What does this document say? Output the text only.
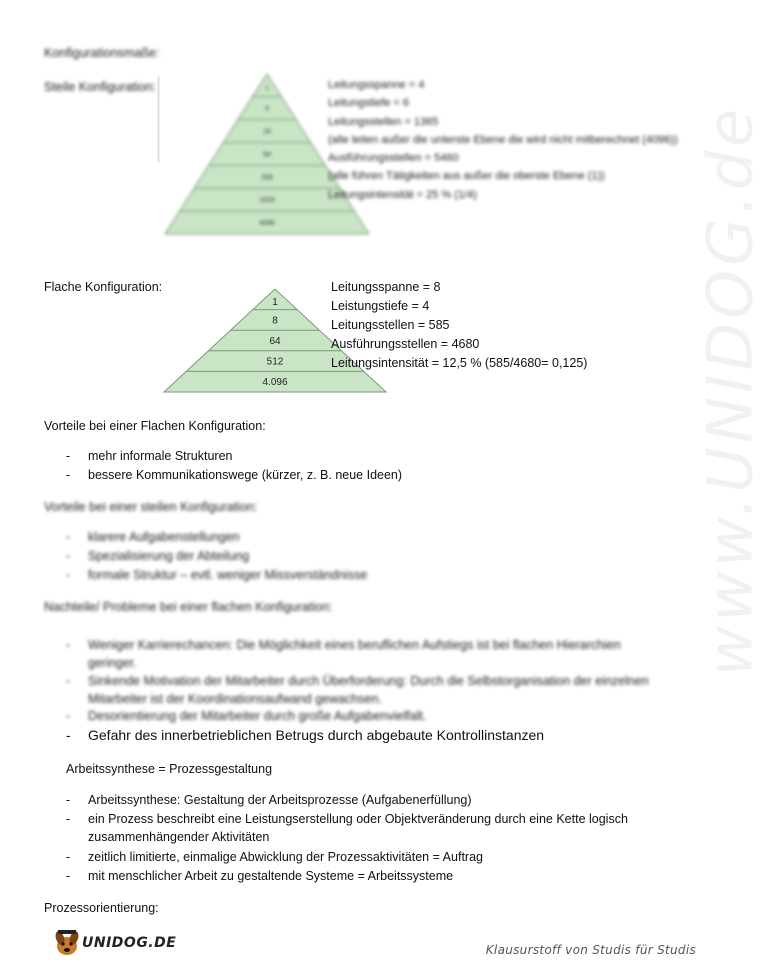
www.UNIDOG.de
Konfigurationsmaße:
Steile Konfiguration:	1
4
16
64
256
1024
4096
Leitungsspanne = 4
Leitungstiefe = 6
Leitungsstellen = 1365
(alle leiten außer die unterste Ebene die wird nicht mitberechnet (4096))
Ausführungsstellen = 5460
(alle führen Tätigkeiten aus außer die oberste Ebene (1))
Leitungsintensität = 25 % (1/4)
Flache Konfiguration:
1
8
64
512
4.096
Leitungsspanne = 8
Leistungstiefe = 4
Leitungsstellen = 585
Ausführungsstellen = 4680
Leitungsintensität = 12,5 % (585/4680= 0,125)
Vorteile bei einer Flachen Konfiguration:
- mehr informale Strukturen
- bessere Kommunikationswege (kürzer, z. B. neue Ideen)
Vorteile bei einer steilen Konfiguration:
- klarere Aufgabenstellungen
- Spezialisierung der Abteilung
- formale Struktur – evtl. weniger Missverständnisse
Nachteile/ Probleme bei einer flachen Konfiguration:
- Weniger Karrierechancen: Die Möglichkeit eines beruflichen Aufstiegs ist bei flachen Hierarchien
geringer.
- Sinkende Motivation der Mitarbeiter durch Überforderung: Durch die Selbstorganisation der einzelnen
Mitarbeiter ist der Koordinationsaufwand gewachsen.
- Desorientierung der Mitarbeiter durch große Aufgabenvielfalt.
- Gefahr des innerbetrieblichen Betrugs durch abgebaute Kontrollinstanzen
Arbeitssynthese = Prozessgestaltung
- Arbeitssynthese: Gestaltung der Arbeitsprozesse (Aufgabenerfüllung)
- ein Prozess beschreibt eine Leistungserstellung oder Objektveränderung durch eine Kette logisch
zusammenhängender Aktivitäten
- zeitlich limitierte, einmalige Abwicklung der Prozessaktivitäten = Auftrag
- mit menschlicher Arbeit zu gestaltende Systeme = Arbeitssysteme
Prozessorientierung:
UNIDOG.DE	Klausurstoff von Studis für Studis
